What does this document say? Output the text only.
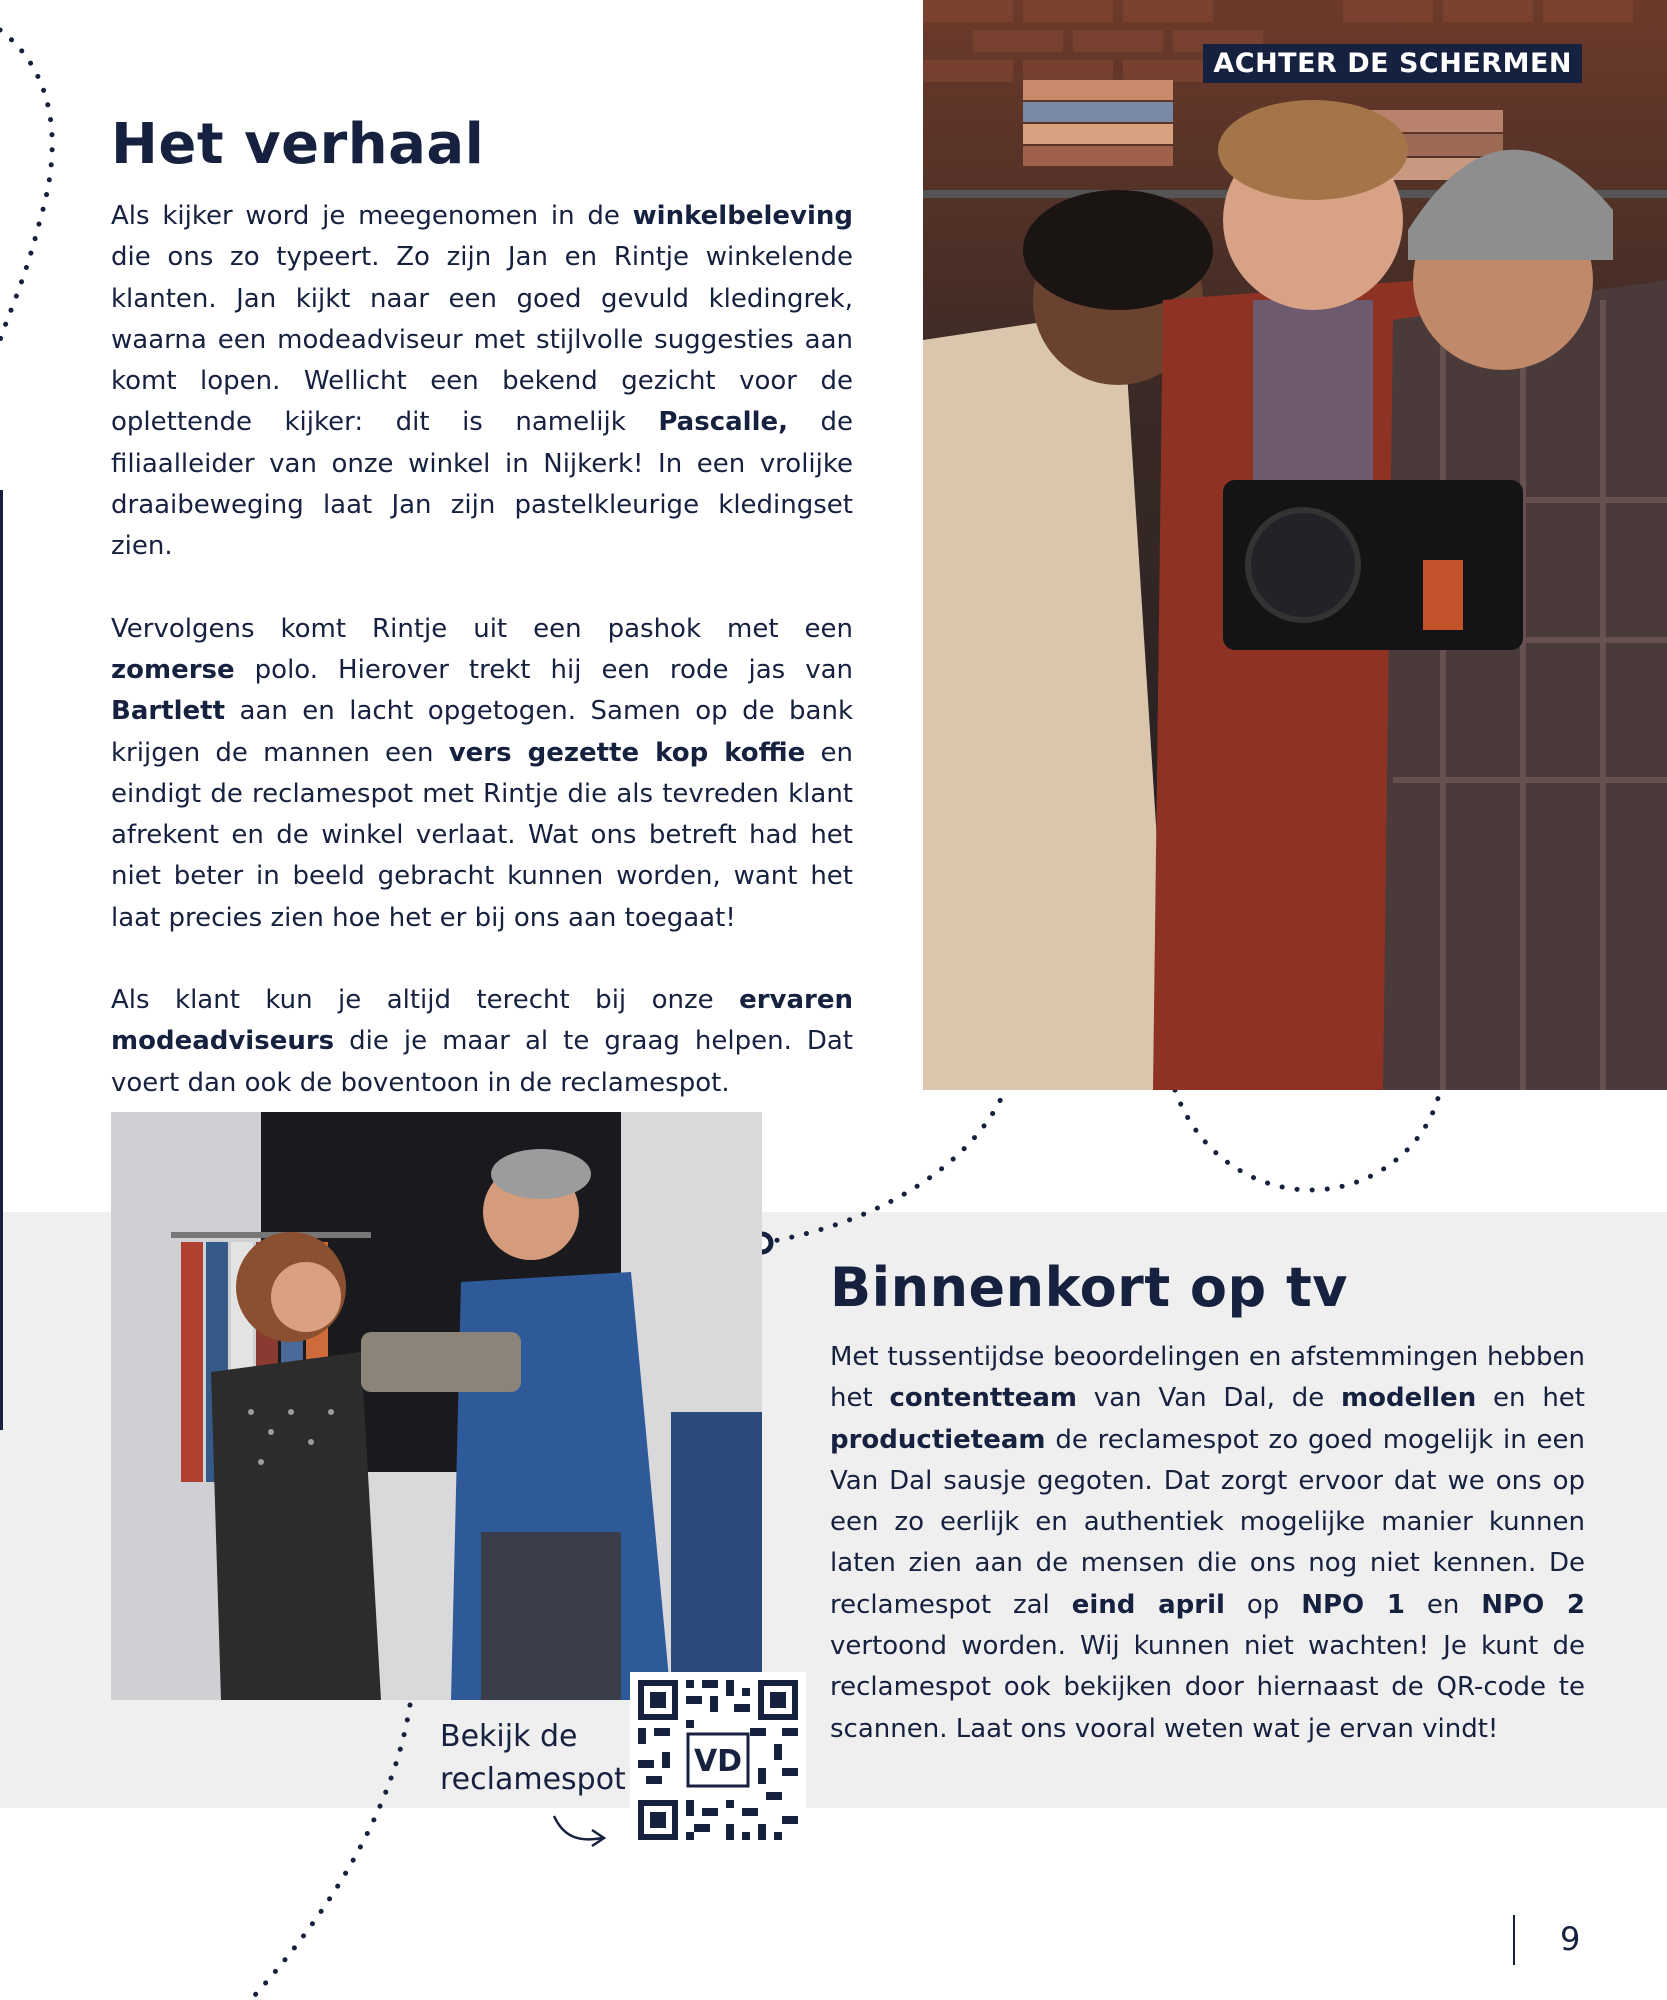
Het verhaal

Als kijker word je meegenomen in de winkelbeleving die ons zo typeert. Zo zijn Jan en Rintje winkelende klanten. Jan kijkt naar een goed gevuld kledingrek, waarna een modeadviseur met stijlvolle suggesties aan komt lopen. Wellicht een bekend gezicht voor de oplettende kijker: dit is namelijk Pascalle, de filiaalleider van onze winkel in Nijkerk! In een vrolijke draaibeweging laat Jan zijn pastelkleurige kledingset zien.

Vervolgens komt Rintje uit een pashok met een zomerse polo. Hierover trekt hij een rode jas van Bartlett aan en lacht opgetogen. Samen op de bank krijgen de mannen een vers gezette kop koffie en eindigt de reclamespot met Rintje die als tevreden klant afrekent en de winkel verlaat. Wat ons betreft had het niet beter in beeld gebracht kunnen worden, want het laat precies zien hoe het er bij ons aan toegaat!

Als klant kun je altijd terecht bij onze ervaren modeadviseurs die je maar al te graag helpen. Dat voert dan ook de boventoon in de reclamespot.

ACHTER DE SCHERMEN
Binnenkort op tv

Met tussentijdse beoordelingen en afstemmingen hebben het contentteam van Van Dal, de modellen en het productieteam de reclamespot zo goed mogelijk in een Van Dal sausje gegoten. Dat zorgt ervoor dat we ons op een zo eerlijk en authentiek mogelijke manier kunnen laten zien aan de mensen die ons nog niet kennen. De reclamespot zal eind april op NPO 1 en NPO 2 vertoond worden. Wij kunnen niet wachten! Je kunt de reclamespot ook bekijken door hiernaast de QR-code te scannen. Laat ons vooral weten wat je ervan vindt!

Bekijk de
reclamespot
VD
9
